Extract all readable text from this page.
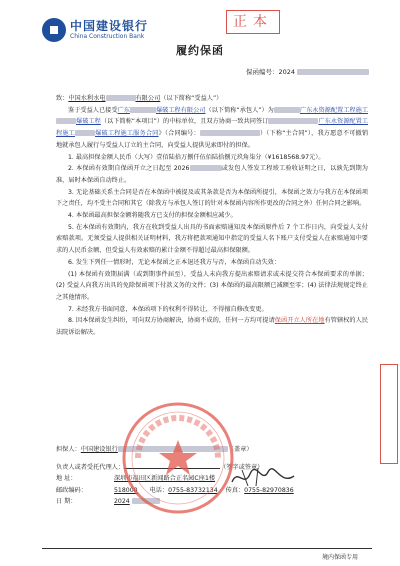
中国建设银行
China Construction Bank
正本
履约保函
保函编号：2024

致：中国水利水电	有限公司（以下简称“受益人”）

鉴于受益人已接受广东	爆破工程有限公司（以下简称“承包人”）为	广东永资源配置工程施工爆破工程（以下简称“本项目”）的中标单位，且双方协商一致共同签订	广东永资源配置工程施工	爆破工程施工服务合同》（合同编号：	）（下称“主合同”），我方愿意不可撤销地就承包人履行与受益人订立的主合同，向受益人提供见索即付的担保。

1. 最高担保金额人民币（大写）壹佰陆拾万捌仟伍佰陆拾捌元玖角柒分（¥1618568.97元）。

2. 本保函有效期自保函开立之日起至 2026	或发包人签发工程竣工验收证明之日，以孰先到期为准，届时本保函自动终止。

3. 无论基础关系主合同是否在本保函中被提及或其条款是否为本保函所提引，本保函之效力与我方在本保函项下之责任，均不受主合同和其它（除我方与承包人签订的针对本保函内容所作更改的合同之外）任何合同之影响。

4. 本保函最高担保金额将随我方已支付的担保金额相应减少。

5. 在本保函有效期内，我方在收到受益人出具的书面索赔通知及本保函原件后 7 个工作日内，向受益人支付索赔款项。无须受益人提供相关证明材料，我方将把款项通知中指定的受益人名下账户支付受益人在索赔通知中要求的人民币金额，但受益人有效索赔的累计金额不得超过最高担保限额。

6. 发生下列任一情形时，无论本保函之正本退还我方与否，本保函自动失效：

(1) 本保函有效期届满（或到期事件届至），受益人未向我方提出索赔请求或未提交符合本保函要求的单据；(2) 受益人向我方出具的免除保函项下付款义务的文件；(3) 本保函的最高限额已减额至零；(4) 法律法规规定终止之其他情形。

7. 未经我方书面同意，本保函项下的权利不得转让，不得擅自修改变更。

8. 因本保函发生纠纷，可向双方协商解决，协商不成的，任何一方均可提请保函开立人所在地有管辖权的人民法院诉讼解决。

担保人：中国建设银行	（盖章）

负责人或者受托代理人：	（签字或签章）

地 址：	深圳市福田区新闻路合正名园C座1楼

邮政编码：	518000 电话：0755-83732134 传真：0755-82970836

日 期：	2024

境内保函专用
